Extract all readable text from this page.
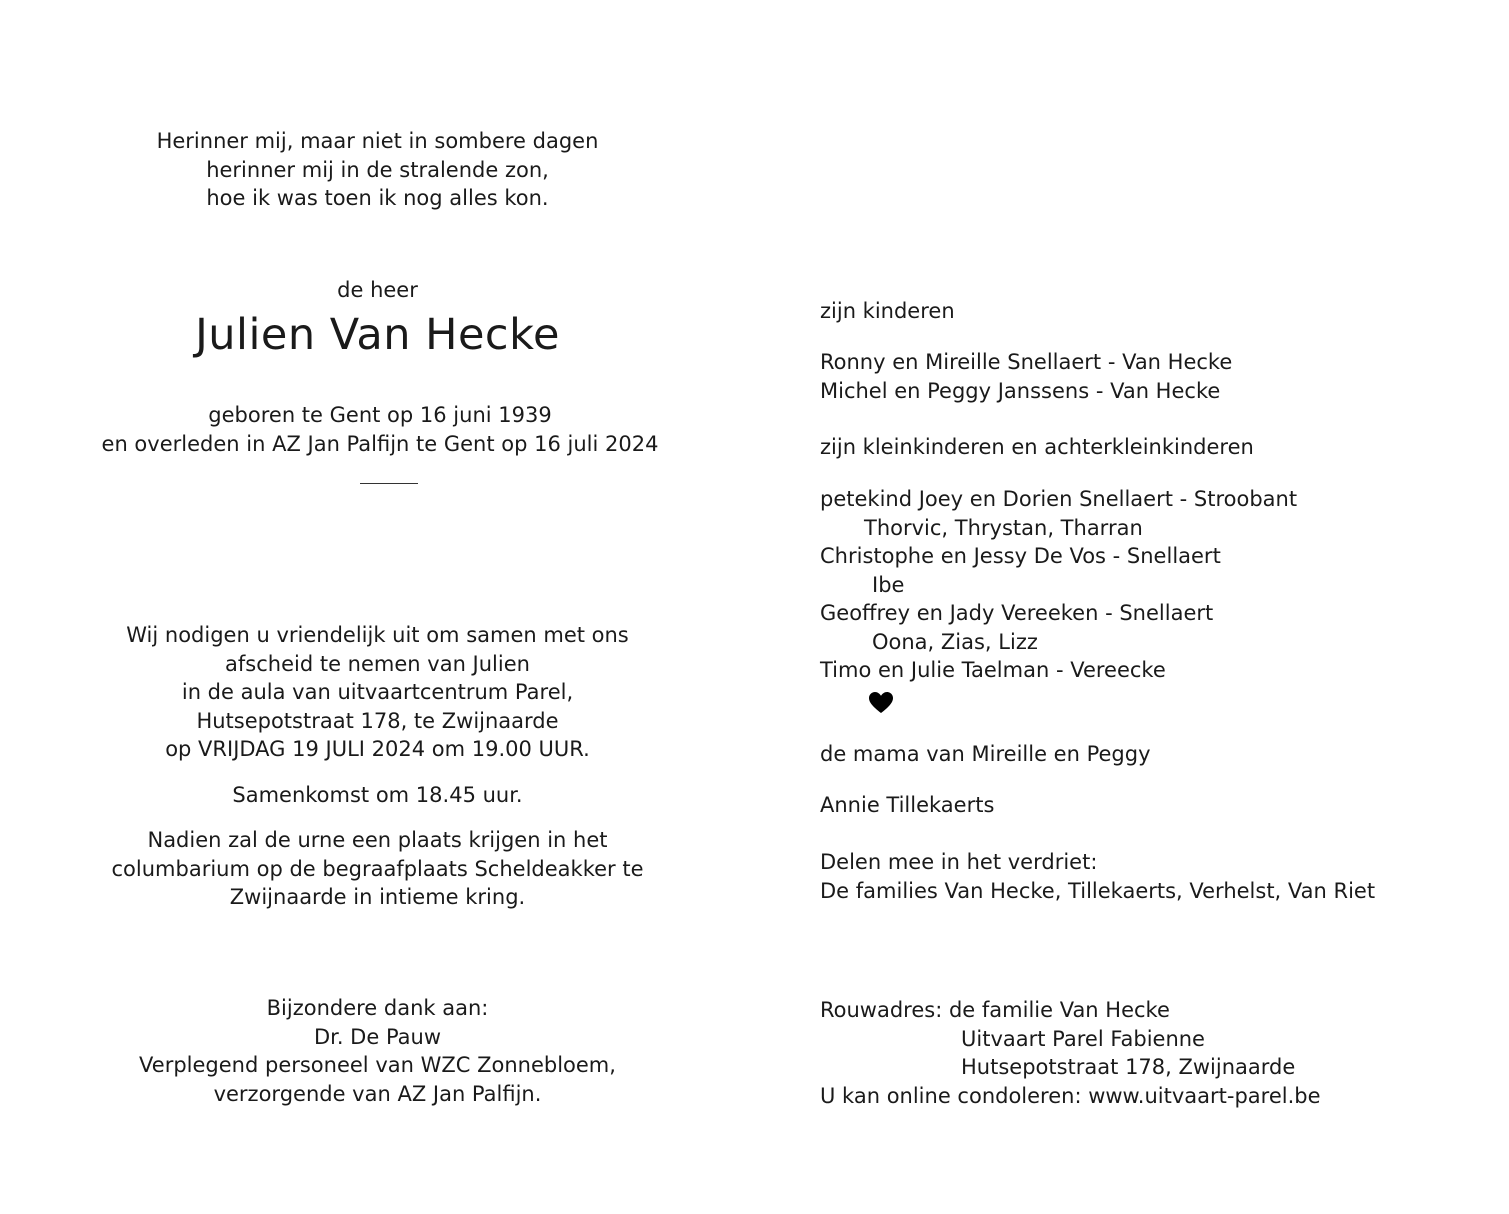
Herinner mij, maar niet in sombere dagen
herinner mij in de stralende zon,
hoe ik was toen ik nog alles kon.
de heer
Julien Van Hecke
geboren te Gent op 16 juni 1939
en overleden in AZ Jan Palfijn te Gent op 16 juli 2024
Wij nodigen u vriendelijk uit om samen met ons
afscheid te nemen van Julien
in de aula van uitvaartcentrum Parel,
Hutsepotstraat 178, te Zwijnaarde
op VRIJDAG 19 JULI 2024 om 19.00 UUR.
Samenkomst om 18.45 uur.
Nadien zal de urne een plaats krijgen in het
columbarium op de begraafplaats Scheldeakker te
Zwijnaarde in intieme kring.
Bijzondere dank aan:
Dr. De Pauw
Verplegend personeel van WZC Zonnebloem,
verzorgende van AZ Jan Palfijn.
zijn kinderen
Ronny en Mireille Snellaert - Van Hecke
Michel en Peggy Janssens - Van Hecke
zijn kleinkinderen en achterkleinkinderen
petekind Joey en Dorien Snellaert - Stroobant
Thorvic, Thrystan, Tharran
Christophe en Jessy De Vos - Snellaert
Ibe
Geoffrey en Jady Vereeken - Snellaert
Oona, Zias, Lizz
Timo en Julie Taelman - Vereecke
de mama van Mireille en Peggy
Annie Tillekaerts
Delen mee in het verdriet:
De families Van Hecke, Tillekaerts, Verhelst, Van Riet
Rouwadres: de familie Van Hecke
Uitvaart Parel Fabienne
Hutsepotstraat 178, Zwijnaarde
U kan online condoleren: www.uitvaart-parel.be
